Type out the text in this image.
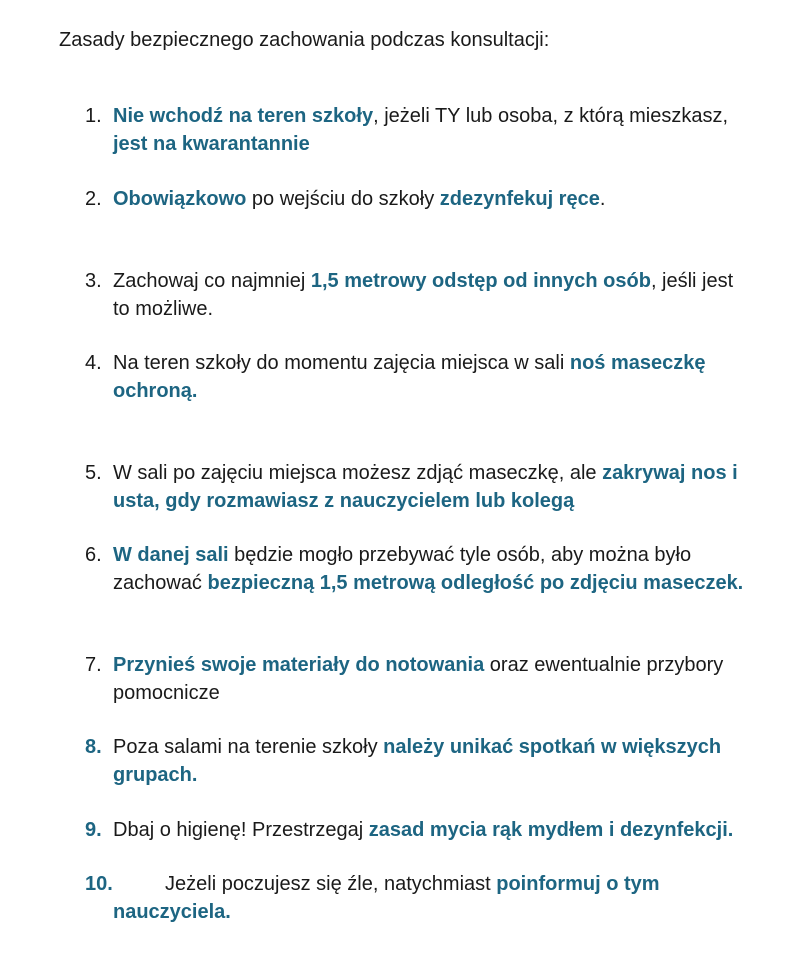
Zasady bezpiecznego zachowania podczas konsultacji:

1. Nie wchodź na teren szkoły, jeżeli TY lub osoba, z którą mieszkasz, jest na kwarantannie
2. Obowiązkowo po wejściu do szkoły zdezynfekuj ręce.
3. Zachowaj co najmniej 1,5 metrowy odstęp od innych osób, jeśli jest to możliwe.
4. Na teren szkoły do momentu zajęcia miejsca w sali noś maseczkę ochroną.
5. W sali po zajęciu miejsca możesz zdjąć maseczkę, ale zakrywaj nos i usta, gdy rozmawiasz z nauczycielem lub kolegą
6. W danej sali będzie mogło przebywać tyle osób, aby można było zachować bezpieczną 1,5 metrową odległość po zdjęciu maseczek.
7. Przynieś swoje materiały do notowania oraz ewentualnie przybory pomocnicze
8. Poza salami na terenie szkoły należy unikać spotkań w większych grupach.
9. Dbaj o higienę! Przestrzegaj zasad mycia rąk mydłem i dezynfekcji.
10.	Jeżeli poczujesz się źle, natychmiast poinformuj o tym nauczyciela.
